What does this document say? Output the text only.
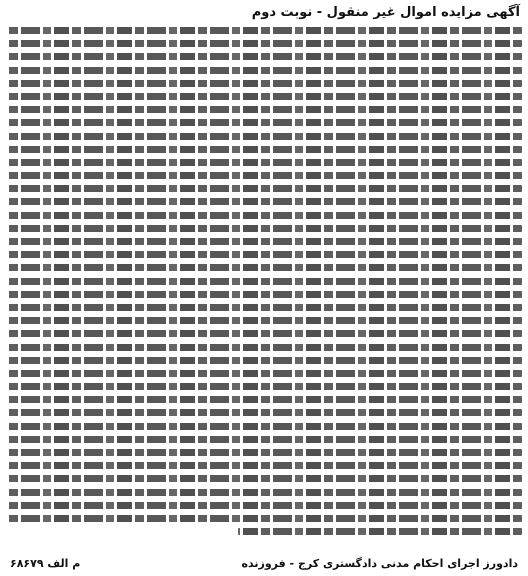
آگهی مزایده اموال غیر منقول - نوبت دوم
دادورز اجرای احکام مدنی دادگستری کرج - فروزنده
م الف ۶۸۶۷۹
